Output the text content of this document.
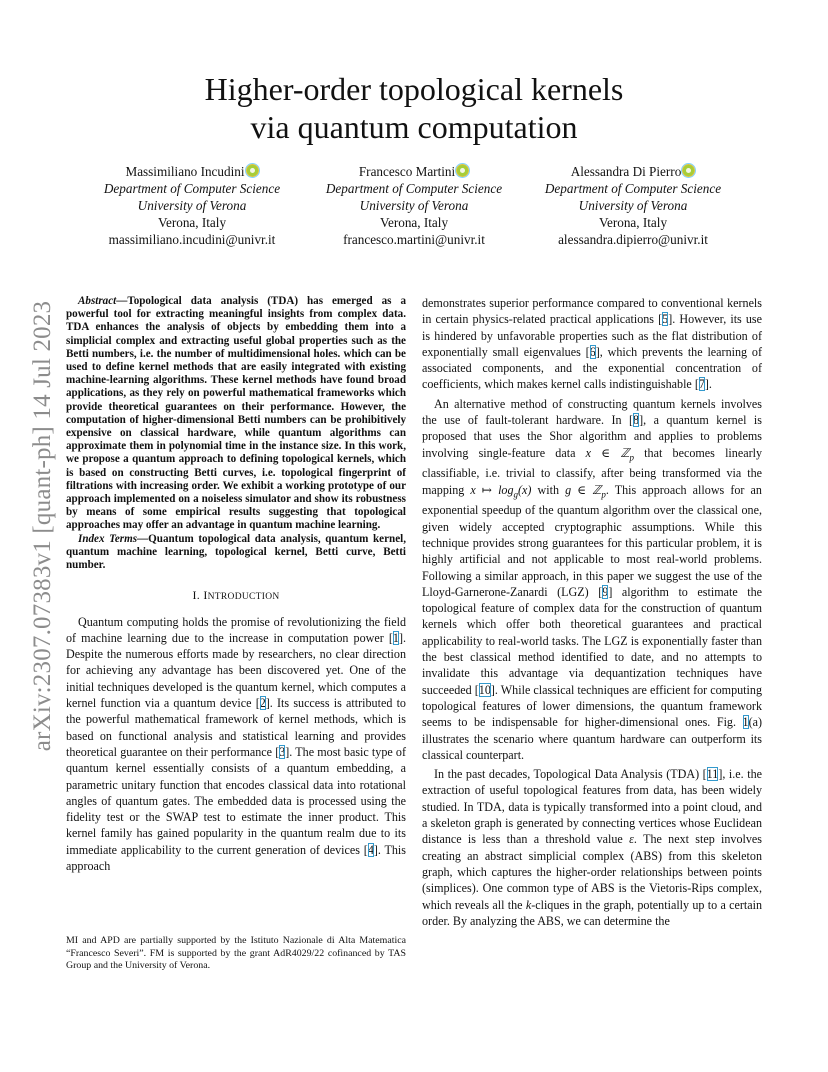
arXiv:2307.07383v1 [quant-ph] 14 Jul 2023
Higher-order topological kernels
via quantum computation
Massimiliano Incudini
Department of Computer Science
University of Verona
Verona, Italy
massimiliano.incudini@univr.it
Francesco Martini
Department of Computer Science
University of Verona
Verona, Italy
francesco.martini@univr.it
Alessandra Di Pierro
Department of Computer Science
University of Verona
Verona, Italy
alessandra.dipierro@univr.it

Abstract—Topological data analysis (TDA) has emerged as a powerful tool for extracting meaningful insights from complex data. TDA enhances the analysis of objects by embedding them into a simplicial complex and extracting useful global properties such as the Betti numbers, i.e. the number of multidimensional holes. which can be used to define kernel methods that are easily integrated with existing machine-learning algorithms. These kernel methods have found broad applications, as they rely on powerful mathematical frameworks which provide theoretical guarantees on their performance. However, the computation of higher-dimensional Betti numbers can be prohibitively expensive on classical hardware, while quantum algorithms can approximate them in polynomial time in the instance size. In this work, we propose a quantum approach to defining topological kernels, which is based on constructing Betti curves, i.e. topological fingerprint of filtrations with increasing order. We exhibit a working prototype of our approach implemented on a noiseless simulator and show its robustness by means of some empirical results suggesting that topological approaches may offer an advantage in quantum machine learning.

Index Terms—Quantum topological data analysis, quantum kernel, quantum machine learning, topological kernel, Betti curve, Betti number.

I. INTRODUCTION

Quantum computing holds the promise of revolutionizing the field of machine learning due to the increase in computation power [1]. Despite the numerous efforts made by researchers, no clear direction for achieving any advantage has been discovered yet. One of the initial techniques developed is the quantum kernel, which computes a kernel function via a quantum device [2]. Its success is attributed to the powerful mathematical framework of kernel methods, which is based on functional analysis and statistical learning and provides theoretical guarantee on their performance [3]. The most basic type of quantum kernel essentially consists of a quantum embedding, a parametric unitary function that encodes classical data into rotational angles of quantum gates. The embedded data is processed using the fidelity test or the SWAP test to estimate the inner product. This kernel family has gained popularity in the quantum realm due to its immediate applicability to the current generation of devices [4]. This approach

MI and APD are partially supported by the Istituto Nazionale di Alta Matematica “Francesco Severi”. FM is supported by the grant AdR4029/22 cofinanced by TAS Group and the University of Verona.

demonstrates superior performance compared to conventional kernels in certain physics-related practical applications [5]. However, its use is hindered by unfavorable properties such as the flat distribution of exponentially small eigenvalues [6], which prevents the learning of associated components, and the exponential concentration of coefficients, which makes kernel calls indistinguishable [7].

An alternative method of constructing quantum kernels involves the use of fault-tolerant hardware. In [8], a quantum kernel is proposed that uses the Shor algorithm and applies to problems involving single-feature data x ∈ ℤ$_p$ that becomes linearly classifiable, i.e. trivial to classify, after being transformed via the mapping x ↦ $\log_g(x)$ with g ∈ ℤ$_p$. This approach allows for an exponential speedup of the quantum algorithm over the classical one, given widely accepted cryptographic assumptions. While this technique provides strong guarantees for this particular problem, it is highly artificial and not applicable to most real-world problems. Following a similar approach, in this paper we suggest the use of the Lloyd-Garnerone-Zanardi (LGZ) [9] algorithm to estimate the topological feature of complex data for the construction of quantum kernels which offer both theoretical guarantees and practical applicability to real-world tasks. The LGZ is exponentially faster than the best classical method identified to date, and no attempts to invalidate this advantage via dequantization techniques have succeeded [10]. While classical techniques are efficient for computing topological features of lower dimensions, the quantum framework seems to be indispensable for higher-dimensional ones. Fig. 1(a) illustrates the scenario where quantum hardware can outperform its classical counterpart.

In the past decades, Topological Data Analysis (TDA) [11], i.e. the extraction of useful topological features from data, has been widely studied. In TDA, data is typically transformed into a point cloud, and a skeleton graph is generated by connecting vertices whose Euclidean distance is less than a threshold value ε. The next step involves creating an abstract simplicial complex (ABS) from this skeleton graph, which captures the higher-order relationships between points (simplices). One common type of ABS is the Vietoris-Rips complex, which reveals all the k-cliques in the graph, potentially up to a certain order. By analyzing the ABS, we can determine the
